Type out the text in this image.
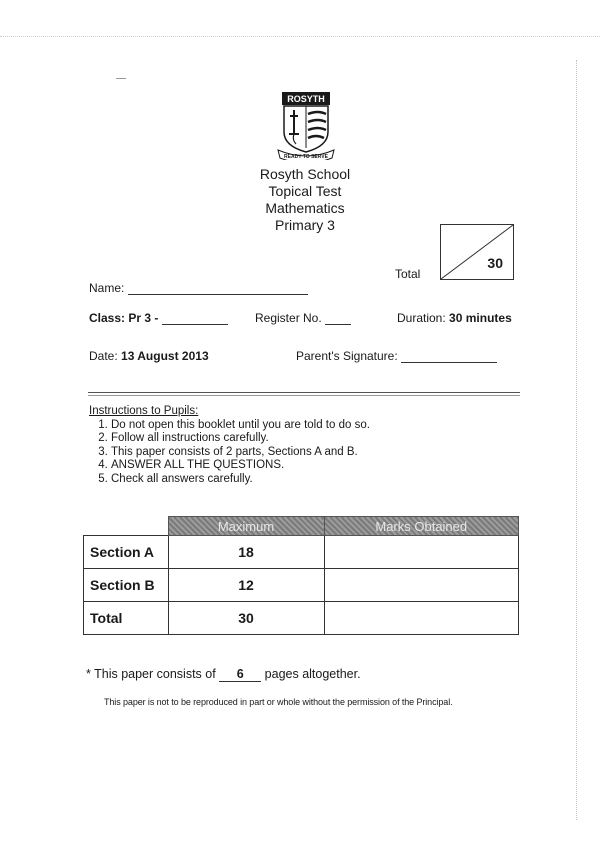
ROSYTH
READY TO SERVE
Rosyth School
Topical Test
Mathematics
Primary 3
Total
30
Name:
Class: Pr 3 -	Register No.	Duration: 30 minutes
Date: 13 August 2013	Parent's Signature:
Instructions to Pupils:
1. Do not open this booklet until you are told to do so.
2. Follow all instructions carefully.
3. This paper consists of 2 parts, Sections A and B.
4. ANSWER ALL THE QUESTIONS.
5. Check all answers carefully.
	Maximum	Marks Obtained
Section A	18	
Section B	12	
Total	30	
* This paper consists of 6 pages altogether.
This paper is not to be reproduced in part or whole without the permission of the Principal.
